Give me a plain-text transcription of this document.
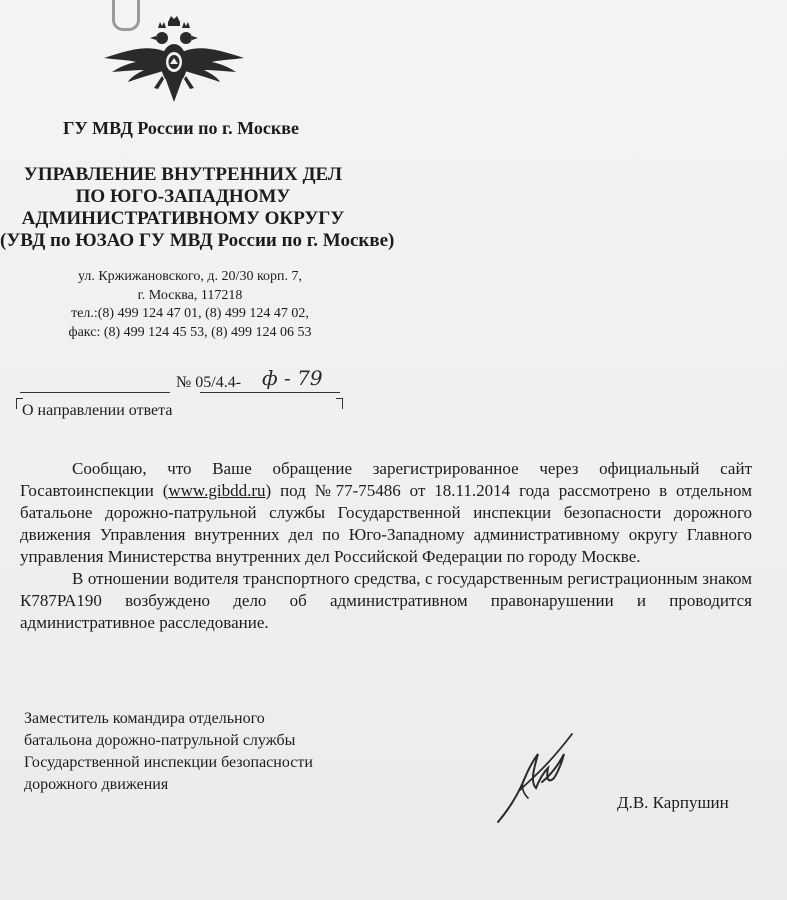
ГУ МВД России по г. Москве
УПРАВЛЕНИЕ ВНУТРЕННИХ ДЕЛ
ПО ЮГО-ЗАПАДНОМУ
АДМИНИСТРАТИВНОМУ ОКРУГУ
(УВД по ЮЗАО ГУ МВД России по г. Москве)
ул. Кржижановского, д. 20/30 корп. 7,
г. Москва, 117218
тел.:(8) 499 124 47 01, (8) 499 124 47 02,
факс: (8) 499 124 45 53, (8) 499 124 06 53
№ 05/4.4- ф - 79
О направлении ответа

Сообщаю, что Ваше обращение зарегистрированное через официальный сайт Госавтоинспекции (www.gibdd.ru) под №77-75486 от 18.11.2014 года рассмотрено в отдельном батальоне дорожно-патрульной службы Государственной инспекции безопасности дорожного движения Управления внутренних дел по Юго-Западному административному округу Главного управления Министерства внутренних дел Российской Федерации по городу Москве.

В отношении водителя транспортного средства, с государственным регистрационным знаком К787РА190 возбуждено дело об административном правонарушении и проводится административное расследование.

Заместитель командира отдельного
батальона дорожно-патрульной службы
Государственной инспекции безопасности
дорожного движения
Д.В. Карпушин
